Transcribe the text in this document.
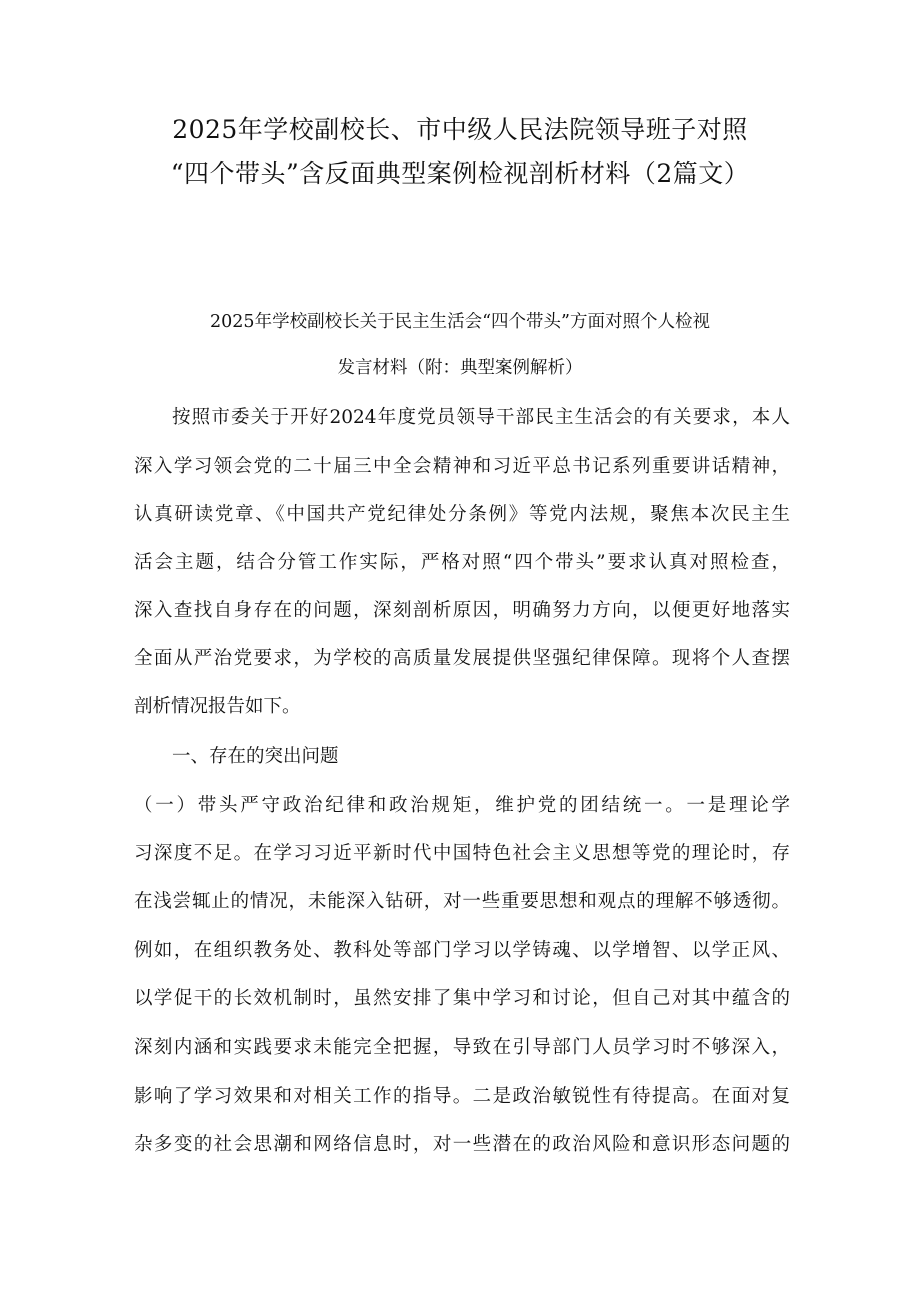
2025年学校副校长、市中级人民法院领导班子对照
“四个带头”含反面典型案例检视剖析材料（2篇文）
2025年学校副校长关于民主生活会“四个带头”方面对照个人检视
发言材料（附：典型案例解析）

按照市委关于开好2024年度党员领导干部民主生活会的有关要求，本人

深入学习领会党的二十届三中全会精神和习近平总书记系列重要讲话精神，

认真研读党章、《中国共产党纪律处分条例》等党内法规，聚焦本次民主生

活会主题，结合分管工作实际，严格对照“四个带头”要求认真对照检查，

深入查找自身存在的问题，深刻剖析原因，明确努力方向，以便更好地落实

全面从严治党要求，为学校的高质量发展提供坚强纪律保障。现将个人查摆

剖析情况报告如下。

一、存在的突出问题

（一）带头严守政治纪律和政治规矩，维护党的团结统一。一是理论学

习深度不足。在学习习近平新时代中国特色社会主义思想等党的理论时，存

在浅尝辄止的情况，未能深入钻研，对一些重要思想和观点的理解不够透彻。

例如，在组织教务处、教科处等部门学习以学铸魂、以学增智、以学正风、

以学促干的长效机制时，虽然安排了集中学习和讨论，但自己对其中蕴含的

深刻内涵和实践要求未能完全把握，导致在引导部门人员学习时不够深入，

影响了学习效果和对相关工作的指导。二是政治敏锐性有待提高。在面对复

杂多变的社会思潮和网络信息时，对一些潜在的政治风险和意识形态问题的
